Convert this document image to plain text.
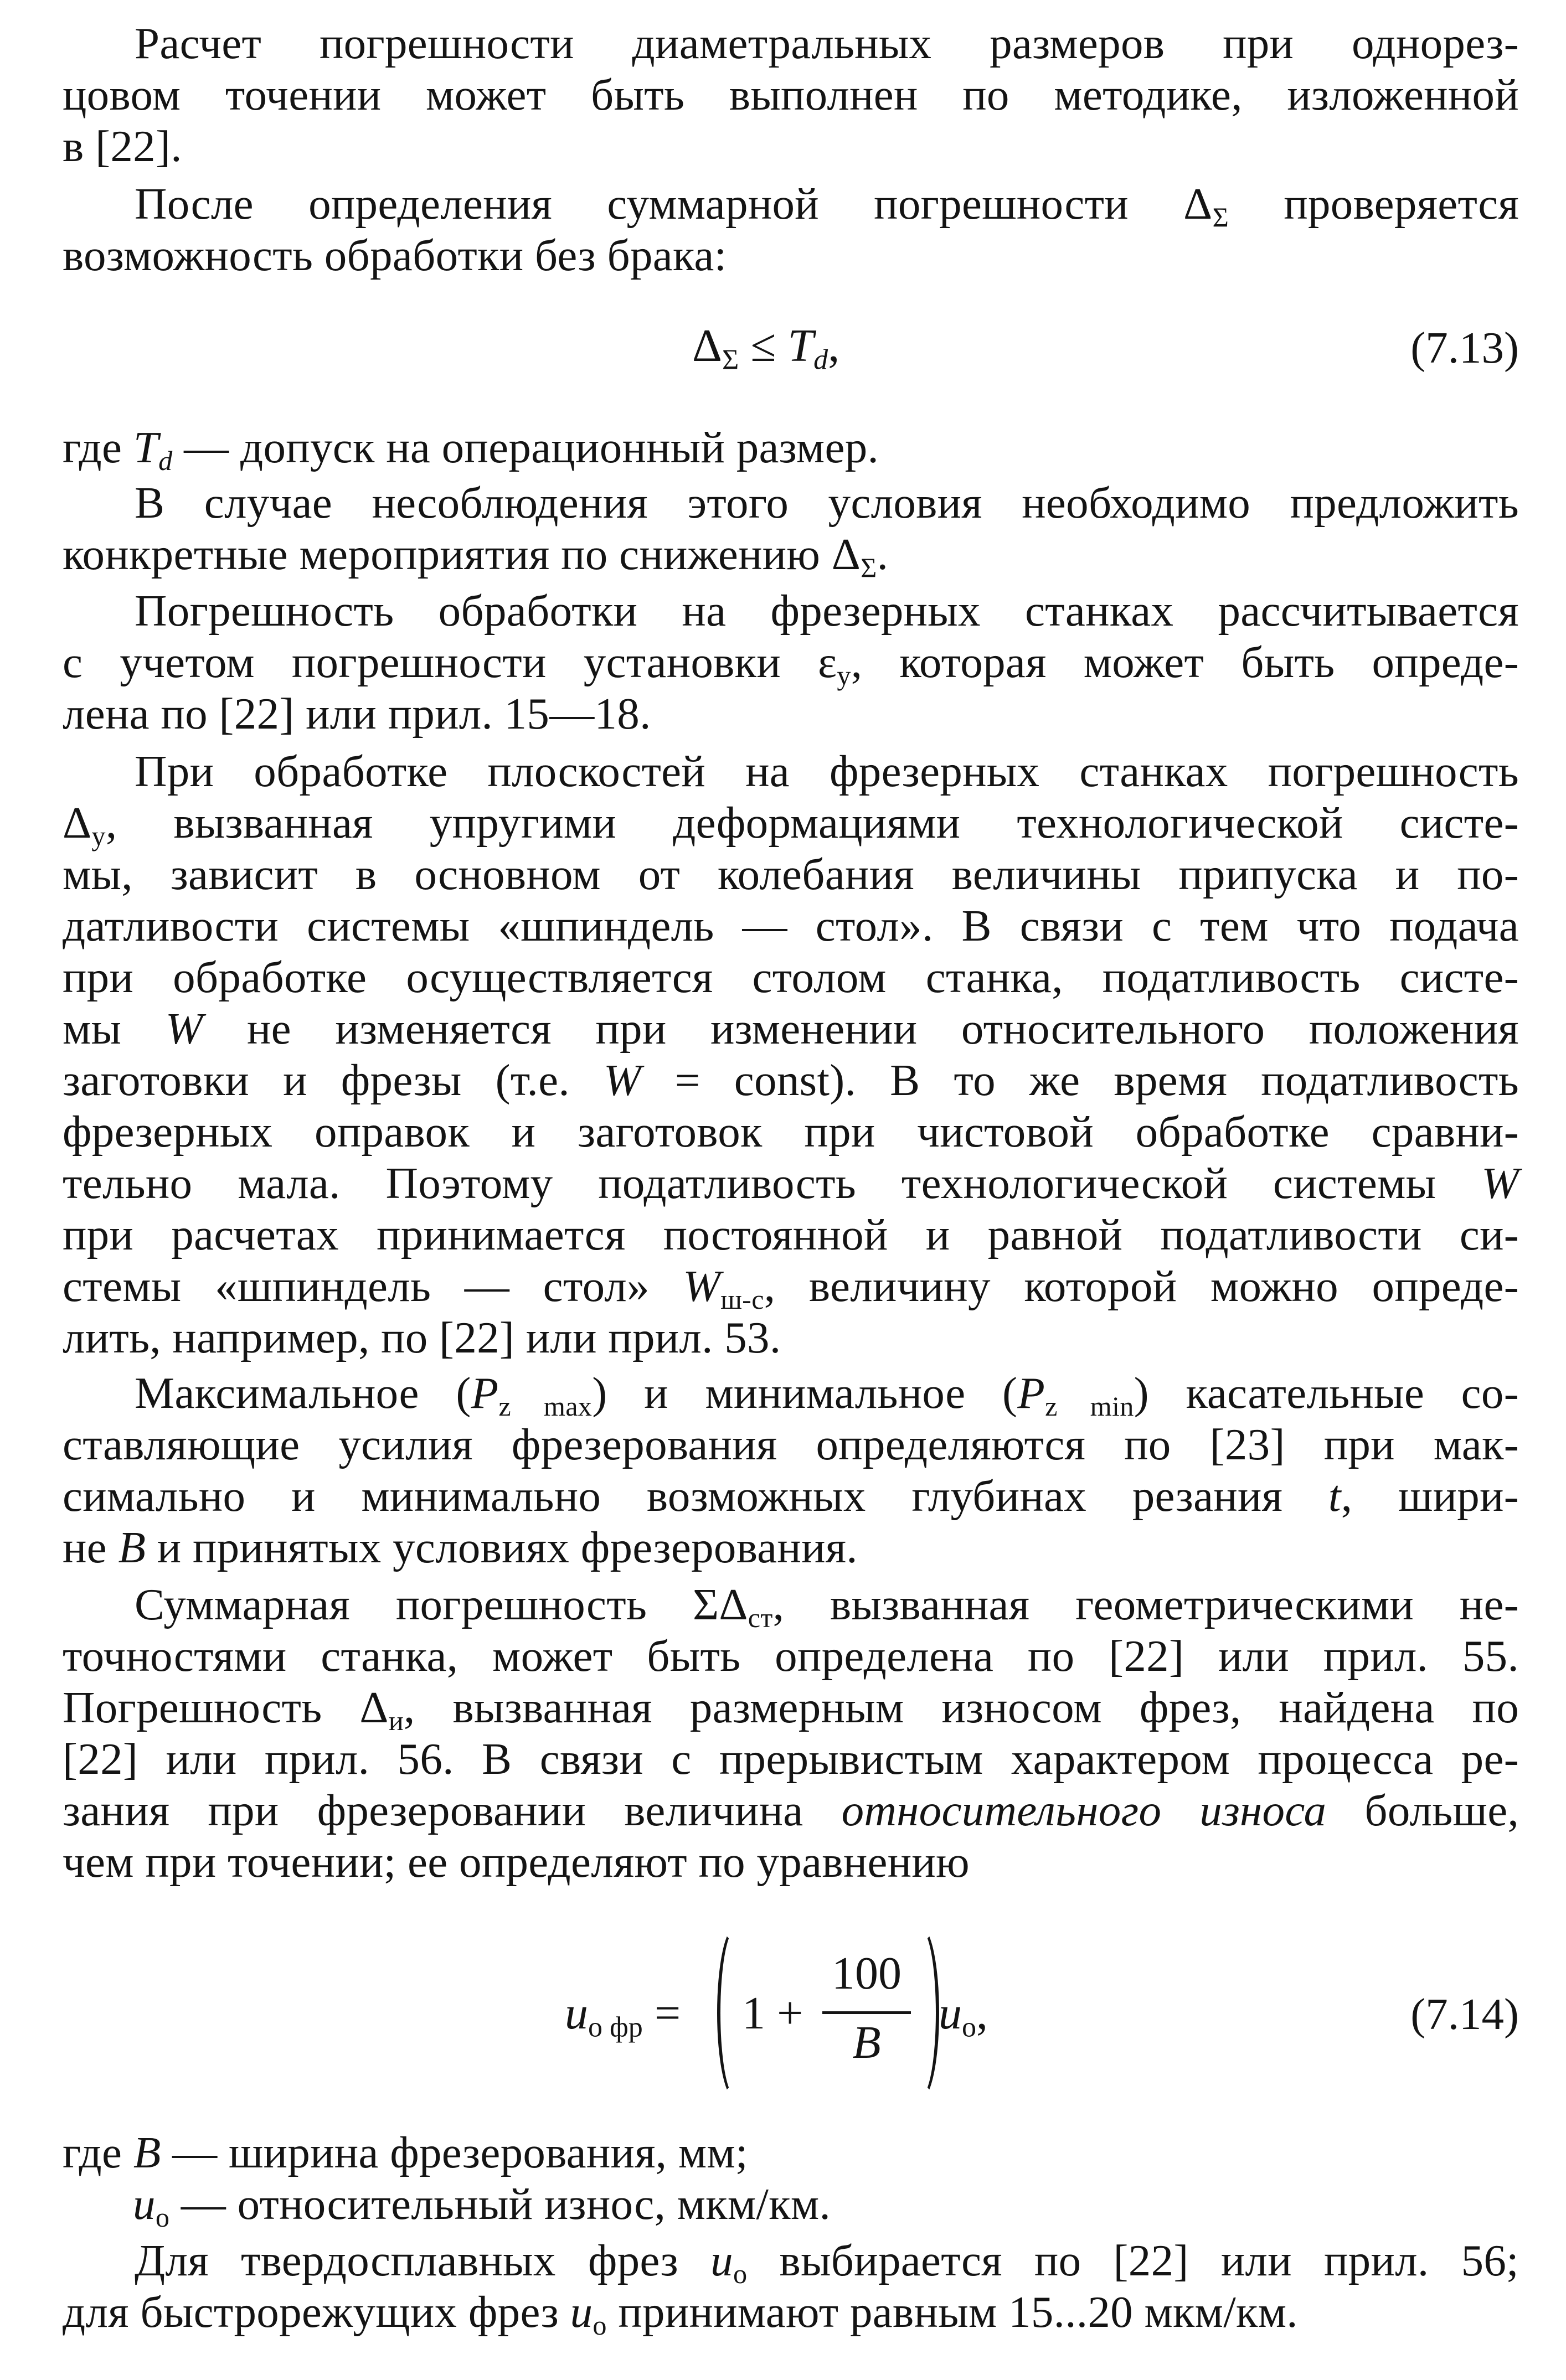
Расчет погрешности диаметральных размеров при однорез-
цовом точении может быть выполнен по методике, изложенной
в [22].
После определения суммарной погрешности $\Delta_\Sigma$ проверяется
возможность обработки без брака:
$\Delta_\Sigma \le T_d$,	(7.13)
где $T_d$ — допуск на операционный размер.
В случае несоблюдения этого условия необходимо предложить
конкретные мероприятия по снижению $\Delta_\Sigma$.
Погрешность обработки на фрезерных станках рассчитывается
с учетом погрешности установки $\varepsilon_у$, которая может быть опреде-
лена по [22] или прил. 15—18.
При обработке плоскостей на фрезерных станках погрешность
$\Delta_у$, вызванная упругими деформациями технологической систе-
мы, зависит в основном от колебания величины припуска и по-
датливости системы «шпиндель — стол». В связи с тем что подача
при обработке осуществляется столом станка, податливость систе-
мы W не изменяется при изменении относительного положения
заготовки и фрезы (т.е. W = const). В то же время податливость
фрезерных оправок и заготовок при чистовой обработке сравни-
тельно мала. Поэтому податливость технологической системы W
при расчетах принимается постоянной и равной податливости си-
стемы «шпиндель — стол» $W_{ш-с}$, величину которой можно опреде-
лить, например, по [22] или прил. 53.
Максимальное $(P_{z max})$ и минимальное $(P_{z min})$ касательные со-
ставляющие усилия фрезерования определяются по [23] при мак-
симально и минимально возможных глубинах резания t, шири-
не B и принятых условиях фрезерования.
Суммарная погрешность $\Sigma\Delta_{ст}$, вызванная геометрическими не-
точностями станка, может быть определена по [22] или прил. 55.
Погрешность $\Delta_и$, вызванная размерным износом фрез, найдена по
[22] или прил. 56. В связи с прерывистым характером процесса ре-
зания при фрезеровании величина относительного износа больше,
чем при точении; ее определяют по уравнению
$u_{о фр} = 1$ +
100
B
$u_о$,	(7.14)
где B — ширина фрезерования, мм;
$u_о$ — относительный износ, мкм/км.
Для твердосплавных фрез $u_о$ выбирается по [22] или прил. 56;
для быстрорежущих фрез $u_о$ принимают равным 15...20 мкм/км.
